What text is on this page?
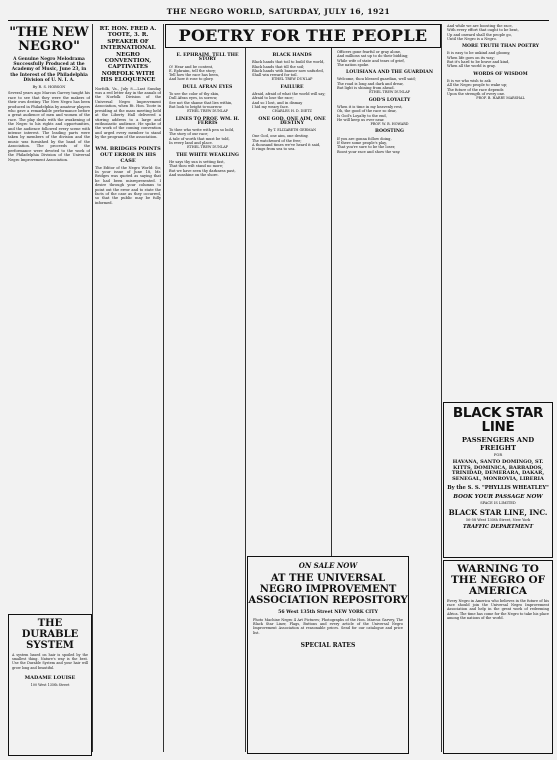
THE NEGRO WORLD, SATURDAY, JULY 16, 1921
"THE NEW NEGRO"
A Genuine Negro Melodrama Successfully Produced at the Academy of Music, June 23, in the Interest of the Philadelphia Division of U. N. I. A.
By R. S. HOBSON

Several years ago Marcus Garvey taught his race to see that they were the makers of their own destiny. The New Negro has been produced in Philadelphia by amateur players who gave a remarkable performance before a great audience of men and women of the race. The play deals with the awakening of the Negro to his rights and opportunities, and the audience followed every scene with intense interest. The leading parts were taken by members of the division and the music was furnished by the band of the Association. The proceeds of the performance were devoted to the work of the Philadelphia Division of the Universal Negro Improvement Association.

RT. HON. FRED A. TOOTE, 3. R. SPEAKER OF INTERNATIONAL NEGRO CONVENTION, CAPTIVATES NORFOLK WITH HIS ELOQUENCE

Norfolk, Va., July 8.—Last Sunday was a red letter day in the annals of the Norfolk Division of the Universal Negro Improvement Association, when Rt. Hon. Toote in presiding at the mass meeting held at the Liberty Hall delivered a stirring address to a large and enthusiastic audience. He spoke of the work of the coming convention and urged every member to stand by the program of the association.

WM. BRIDGES POINTS OUT ERROR IN HIS CASE

The Editor of the Negro World: Sir, In your issue of June 18, Mr. Bridges was quoted as saying that he had been misrepresented. I desire through your columns to point out the error and to state the facts of the case as they occurred, so that the public may be fully informed.

POETRY FOR THE PEOPLE
E. EPHRAIM, TELL THE STORY
O! Hear and be content,
E. Ephraim, tell the story;
Tell how the race has been,
And how it rose to glory.
DULL AFRAN EYES
To see the color of thy skin,
Dull Afran eyes, in sorrow,
See not the shame that lies within,
But look to bright to-morrow.
ETHEL TREW DUNLAP
LINES TO PROF. WM. H. FERRIS
To thee who write with pen so bold,
The story of our race;
A tale of worth that must be told,
In every land and place.
ETHEL TREW DUNLAP
THE WHITE WEAKLING
He says thy sun is setting fast,
That thou wilt stand no more;
But we have seen thy darkness past,
And sunshine on the shore.
BLACK HANDS
Black hands that toil to build the world,
Black hands that till the soil;
Black hands with banner now unfurled,
Shall win reward for toil.
ETHEL TREW DUNLAP
FAILURE
Afraid, afraid of what the world will say;
Afraid to lose the race;
And so I lost, and in dismay
I hid my weary face.
CHARLES H. D. DIETZ
ONE GOD, ONE AIM, ONE DESTINY
By T. ELIZABETH GERMAN
One God, one aim, one destiny,
The watchword of the free;
A thousand times we've heard it said,
It rings from sea to sea.
Officers gone fearful or gray alone,
And millions sat up to do their bidding;
While wife of state and tears of grief,
The nation spoke.
LOUISIANA AND THE GUARDIAN
Welcome, thou blessed guardian, well said;
The road is long and dark and drear,
But light is shining from ahead.
ETHEL TREW DUNLAP
GOD'S LOYALTY
When it is time in my heavenly rest,
Oh, the good of the race so dear,
Is God's Loyalty to the end,
He will keep us ever near.
PROF. W. B. HOWARD
BOOSTING
If you are gonna follow doing,
If there some people's play,
That you're sure to be the loser,
Boost your race and show the way.
And while we are boosting the race,
With every effort that ought to be bent,
Up and onward shall the people go,
Until the Negro is a Negro.
MORE TRUTH THAN POETRY
It is easy to be unkind and gloomy,
When life goes on its way;
But it's hard to be brave and kind,
When all the world is gray.
WORDS OF WISDOM
It is we who wish to ask
All the Negro people to wake up;
The future of the race depends
Upon the strength of every one.
PROF. B. HARRY MARSHAL
THE DURABLE SYSTEM
A system based on hair is spoiled by the smallest thing. Nature's way is the best. Use the Durable System and your hair will grow long and beautiful.
MADAME LOUISE
100 West 135th Street
ON SALE NOW
AT THE UNIVERSAL NEGRO IMPROVEMENT ASSOCIATION REPOSITORY
56 West 135th Street NEW YORK CITY
Photo Machine Negro 4 Art Pictures; Photographs of the Hon. Marcus Garvey, The Black Star Liner, Flags, Buttons and every article of the Universal Negro Improvement Association at reasonable prices. Send for our catalogue and price list.
SPECIAL RATES
BLACK STAR LINE
PASSENGERS AND FREIGHT
FOR
HAVANA, SANTO DOMINGO, ST. KITTS, DOMINICA, BARBADOS, TRINIDAD, DEMERARA, DAKAR, SENEGAL, MONROVIA, LIBERIA
By the S. S. "PHYLLIS WHEATLEY"
BOOK YOUR PASSAGE NOW
SPACE IS LIMITED
BLACK STAR LINE, INC.
56-58 West 135th Street, New York
TRAFFIC DEPARTMENT
WARNING TO THE NEGRO OF AMERICA
Every Negro in America who believes in the future of his race should join the Universal Negro Improvement Association and help in the great work of redeeming Africa. The time has come for the Negro to take his place among the nations of the world.
